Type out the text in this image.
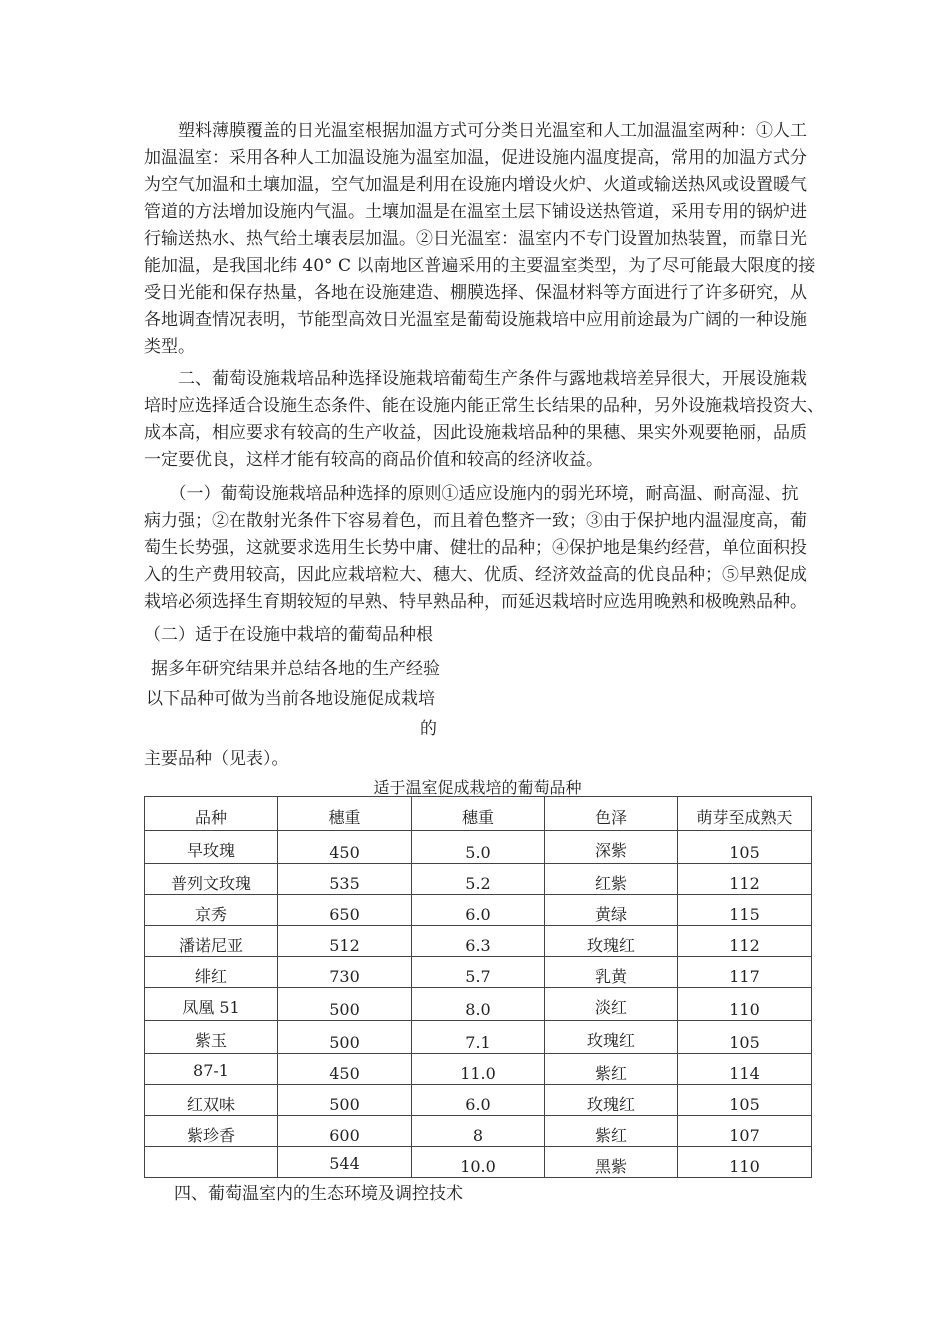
　　塑料薄膜覆盖的日光温室根据加温方式可分类日光温室和人工加温温室两种：①人工
加温温室：采用各种人工加温设施为温室加温，促进设施内温度提高，常用的加温方式分
为空气加温和土壤加温，空气加温是利用在设施内增设火炉、火道或输送热风或设置暖气
管道的方法增加设施内气温。土壤加温是在温室土层下铺设送热管道，采用专用的锅炉进
行输送热水、热气给土壤表层加温。②日光温室：温室内不专门设置加热装置，而靠日光
能加温，是我国北纬 40° C 以南地区普遍采用的主要温室类型，为了尽可能最大限度的接
受日光能和保存热量，各地在设施建造、棚膜选择、保温材料等方面进行了许多研究，从
各地调查情况表明，节能型高效日光温室是葡萄设施栽培中应用前途最为广阔的一种设施
类型。
　　二、葡萄设施栽培品种选择设施栽培葡萄生产条件与露地栽培差异很大，开展设施栽
培时应选择适合设施生态条件、能在设施内能正常生长结果的品种，另外设施栽培投资大、
成本高，相应要求有较高的生产收益，因此设施栽培品种的果穗、果实外观要艳丽，品质
一定要优良，这样才能有较高的商品价值和较高的经济收益。
　　（一）葡萄设施栽培品种选择的原则①适应设施内的弱光环境，耐高温、耐高湿、抗
病力强；②在散射光条件下容易着色，而且着色整齐一致；③由于保护地内温湿度高，葡
萄生长势强，这就要求选用生长势中庸、健壮的品种；④保护地是集约经营，单位面积投
入的生产费用较高，因此应栽培粒大、穗大、优质、经济效益高的优良品种；⑤早熟促成
栽培必须选择生育期较短的早熟、特早熟品种，而延迟栽培时应选用晚熟和极晚熟品种。
（二）适于在设施中栽培的葡萄品种根
据多年研究结果并总结各地的生产经验
以下品种可做为当前各地设施促成栽培
的
主要品种（见表）。
适于温室促成栽培的葡萄品种
品种	穗重	穗重	色泽	萌芽至成熟天
早玫瑰	450	5.0	深紫	105
普列文玫瑰	535	5.2	红紫	112
京秀	650	6.0	黄绿	115
潘诺尼亚	512	6.3	玫瑰红	112
绯红	730	5.7	乳黄	117
凤凰 51	500	8.0	淡红	110
紫玉	500	7.1	玫瑰红	105
87-1	450	11.0	紫红	114
红双味	500	6.0	玫瑰红	105
紫珍香	600	8	紫红	107
	544	10.0	黑紫	110
四、葡萄温室内的生态环境及调控技术
